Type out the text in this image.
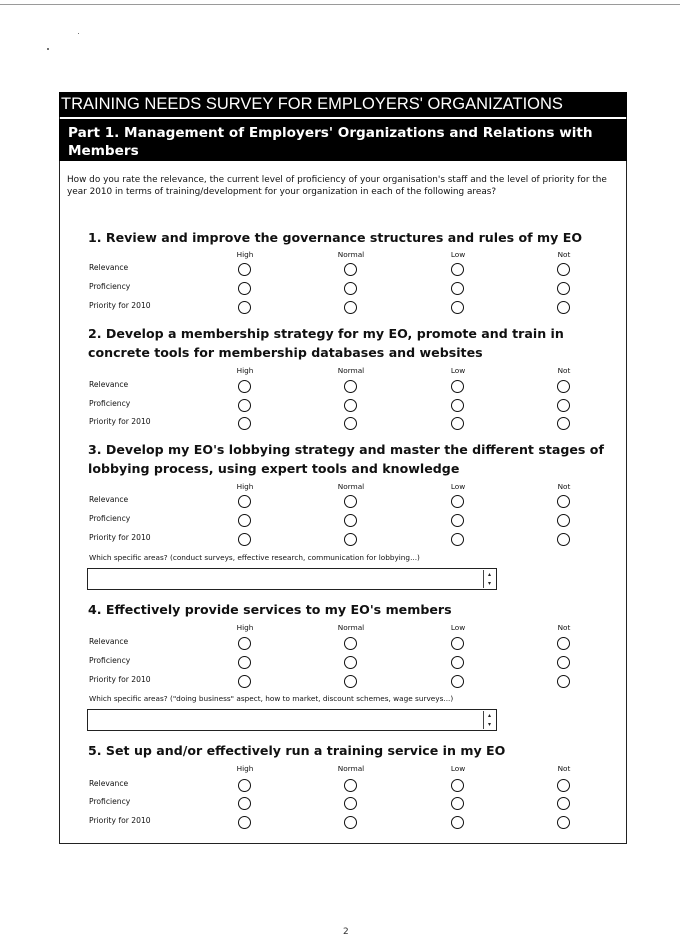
TRAINING NEEDS SURVEY FOR EMPLOYERS' ORGANIZATIONS
Part 1. Management of Employers' Organizations and Relations with Members
How do you rate the relevance, the current level of proficiency of your organisation's staff and the level of priority for the year 2010 in terms of training/development for your organization in each of the following areas?
1. Review and improve the governance structures and rules of my EO
High	Normal	Low	Not
Relevance
Proficiency
Priority for 2010
2. Develop a membership strategy for my EO, promote and train in concrete tools for membership databases and websites
High	Normal	Low	Not
Relevance
Proficiency
Priority for 2010
3. Develop my EO's lobbying strategy and master the different stages of lobbying process, using expert tools and knowledge
High	Normal	Low	Not
Relevance
Proficiency
Priority for 2010
Which specific areas? (conduct surveys, effective research, communication for lobbying...)
▴
▾
4. Effectively provide services to my EO's members
High	Normal	Low	Not
Relevance
Proficiency
Priority for 2010
Which specific areas? ("doing business" aspect, how to market, discount schemes, wage surveys...)
▴
▾
5. Set up and/or effectively run a training service in my EO
High	Normal	Low	Not
Relevance
Proficiency
Priority for 2010
2
